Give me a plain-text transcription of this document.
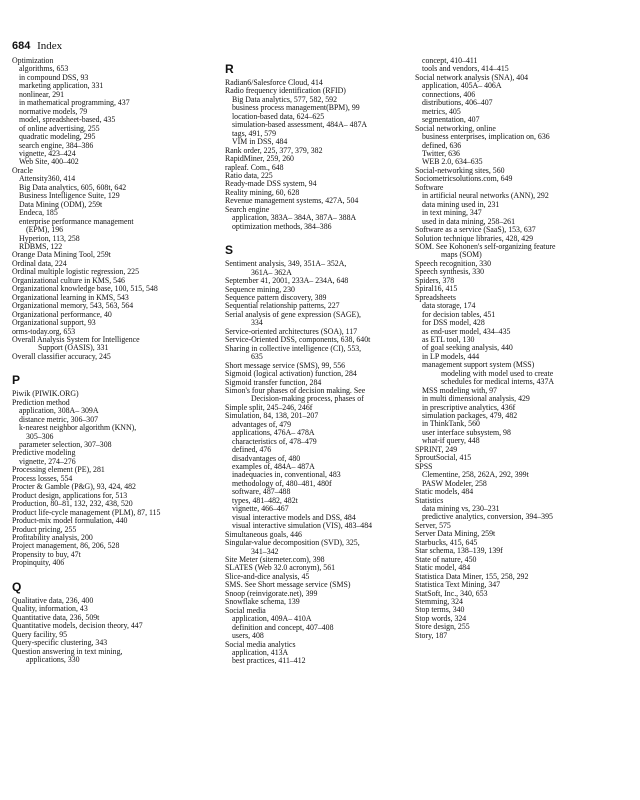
684 Index
Optimization
algorithms, 653
in compound DSS, 93
marketing application, 331
nonlinear, 291
in mathematical programming, 437
normative models, 79
model, spreadsheet-based, 435
of online advertising, 255
quadratic modeling, 295
search engine, 384–386
vignette, 423–424
Web Site, 400–402
Oracle
Attensity360, 414
Big Data analytics, 605, 608t, 642
Business Intelligence Suite, 129
Data Mining (ODM), 259t
Endeca, 185
enterprise performance management
(EPM), 196
Hyperion, 113, 258
RDBMS, 122
Orange Data Mining Tool, 259t
Ordinal data, 224
Ordinal multiple logistic regression, 225
Organizational culture in KMS, 546
Organizational knowledge base, 100, 515, 548
Organizational learning in KMS, 543
Organizational memory, 543, 563, 564
Organizational performance, 40
Organizational support, 93
orms-today.org, 653
Overall Analysis System for Intelligence
Support (OASIS), 331
Overall classifier accuracy, 245
P
Piwik (PIWIK.ORG)
Prediction method
application, 308A– 309A
distance metric, 306–307
k-nearest neighbor algorithm (KNN),
305–306
parameter selection, 307–308
Predictive modeling
vignette, 274–276
Processing element (PE), 281
Process losses, 554
Procter & Gamble (P&G), 93, 424, 482
Product design, applications for, 513
Production, 80–81, 132, 232, 438, 520
Product life-cycle management (PLM), 87, 115
Product-mix model formulation, 440
Product pricing, 255
Profitability analysis, 200
Project management, 86, 206, 528
Propensity to buy, 47t
Propinquity, 406
Q
Qualitative data, 236, 400
Quality, information, 43
Quantitative data, 236, 509t
Quantitative models, decision theory, 447
Query facility, 95
Query-specific clustering, 343
Question answering in text mining,
applications, 330
R
Radian6/Salesforce Cloud, 414
Radio frequency identification (RFID)
Big Data analytics, 577, 582, 592
business process management(BPM), 99
location-based data, 624–625
simulation-based assessment, 484A– 487A
tags, 491, 579
VIM in DSS, 484
Rank order, 225, 377, 379, 382
RapidMiner, 259, 260
rapleaf. Com., 648
Ratio data, 225
Ready-made DSS system, 94
Reality mining, 60, 628
Revenue management systems, 427A, 504
Search engine
application, 383A– 384A, 387A– 388A
optimization methods, 384–386
S
Sentiment analysis, 349, 351A– 352A,
361A– 362A
September 41, 2001, 233A– 234A, 648
Sequence mining, 230
Sequence pattern discovery, 389
Sequential relationship patterns, 227
Serial analysis of gene expression (SAGE),
334
Service-oriented architectures (SOA), 117
Service-Oriented DSS, components, 638, 640t
Sharing in collective intelligence (CI), 553,
635
Short message service (SMS), 99, 556
Sigmoid (logical activation) function, 284
Sigmoid transfer function, 284
Simon's four phases of decision making. See
Decision-making process, phases of
Simple split, 245–246, 246f
Simulation, 84, 138, 201–207
advantages of, 479
applications, 476A– 478A
characteristics of, 478–479
defined, 476
disadvantages of, 480
examples of, 484A– 487A
inadequacies in, conventional, 483
methodology of, 480–481, 480f
software, 487–488
types, 481–482, 482t
vignette, 466–467
visual interactive models and DSS, 484
visual interactive simulation (VIS), 483–484
Simultaneous goals, 446
Singular-value decomposition (SVD), 325,
341–342
Site Meter (sitemeter.com), 398
SLATES (Web 32.0 acronym), 561
Slice-and-dice analysis, 45
SMS. See Short message service (SMS)
Snoop (reinvigorate.net), 399
Snowflake schema, 139
Social media
application, 409A– 410A
definition and concept, 407–408
users, 408
Social media analytics
application, 413A
best practices, 411–412
concept, 410–411
tools and vendors, 414–415
Social network analysis (SNA), 404
application, 405A– 406A
connections, 406
distributions, 406–407
metrics, 405
segmentation, 407
Social networking, online
business enterprises, implication on, 636
defined, 636
Twitter, 636
WEB 2.0, 634–635
Social-networking sites, 560
Sociometricsolutions.com, 649
Software
in artificial neural networks (ANN), 292
data mining used in, 231
in text mining, 347
used in data mining, 258–261
Software as a service (SaaS), 153, 637
Solution technique libraries, 428, 429
SOM. See Kohonen's self-organizing feature
maps (SOM)
Speech recognition, 330
Speech synthesis, 330
Spiders, 378
Spiral16, 415
Spreadsheets
data storage, 174
for decision tables, 451
for DSS model, 428
as end-user model, 434–435
as ETL tool, 130
of goal seeking analysis, 440
in LP models, 444
management support system (MSS)
modeling with model used to create
schedules for medical interns, 437A
MSS modeling with, 97
in multi dimensional analysis, 429
in prescriptive analytics, 436f
simulation packages, 479, 482
in ThinkTank, 560
user interface subsystem, 98
what-if query, 448
SPRINT, 249
SproutSocial, 415
SPSS
Clementine, 258, 262A, 292, 399t
PASW Modeler, 258
Static models, 484
Statistics
data mining vs, 230–231
predictive analytics, conversion, 394–395
Server, 575
Server Data Mining, 259t
Starbucks, 415, 645
Star schema, 138–139, 139f
State of nature, 450
Static model, 484
Statistica Data Miner, 155, 258, 292
Statistica Text Mining, 347
StatSoft, Inc., 340, 653
Stemming, 324
Stop terms, 340
Stop words, 324
Store design, 255
Story, 187
